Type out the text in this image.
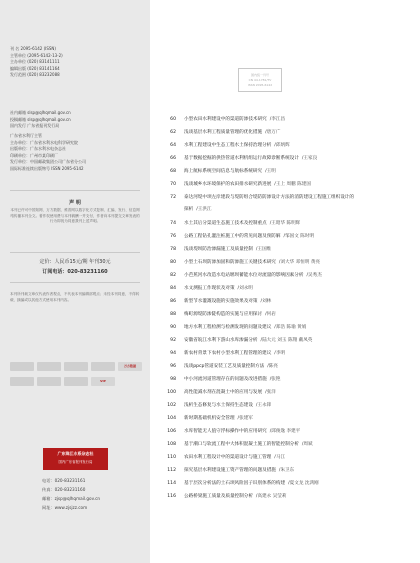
刊 名 2095-6142 (ISSN)
主管单位 (2095-6142-13-2)
主办单位 (020) 83141111
编辑出版 (020) 83141164
发行范围 (020) 83232088
社内邮箱 slsp@qlhqmail.gov.cn
投稿邮箱 slsp@qlhqmail.gov.cn
国内发行 广东省报刊发行局
广东省水利厅主管
主办单位：广东省水利水电科学研究院
出版单位：广东水利水电杂志社
印刷单位：广州市某印刷厂
发行单位：中国邮政集团公司广东省分公司
国际标准连续出版物号 ISSN 2095-6142
声 明
本刊已许可中国知网、万方数据、维普网以数字化方式复制、汇编、发行、信息网络传播本刊全文。著作权使用费与本刊稿酬一并支付，作者向本刊提交文章发表的行为即视为同意我刊上述声明。
定价：人民币15元/期 年刊30元
订阅电话：020-83231160
本刊所刊载文章仅代表作者观点，不代表本刊编辑部观点；未经本刊同意，不得转载、摘编或以其他方式使用本刊内容。
万方数据
VIP
广东珠江水系杂志社
国内广东省报刊发行局
电话：020-83231161
传真：020-83231160
邮箱：zjsp@qlhqmail.gov.cn
网址：www.zjsjzz.com
国内统一刊号
CN 44-1781/TV
ISSN 2095-6142
60 小型农田水利建设中的渠道防渗技术研究 /李江昌
62 浅谈基层水利工程质量管理的优化措施 /唐万广
64 水利工程建设中生态工程水土保持治理分析 /邱炳辉
66 基于数据挖掘的供热管道水利机组运行故障诊断系统设计 /王家良
68 海上航标系统空间信息与航标系统研究 /王明
70 浅谈城乡水环境保护的农田排水研究新进展 /王上 周鹏 陈建国
72 泰达河堤中坝左岸建段与堤防组合堤防防渗设计方法的消防建设工程施工组织设计的
探析 /王洪江
74 水土其后分渠道生态施工技术及控制重点 /王昭华 陈明辉
76 公路工程钻孔灌注桩施工中的常见问题及预防解 /邹国文 陈时明
78 浅谈堤坝防治渗漏施工及质量控制 /王国维
80 小型土石坝防渗加固和防渗施工关键技术研究 /刘大华 邓恒明 黄亮
82 小芭蕉河水改造水电站堰坝蓄能水位对流量的影响因素分析 /吴秀杰
84 水文测报工作现状及对策 /刘永明
86 新型节水灌溉设施的实施效果及对策 /刘林
88 梅町源堤防渗陡构造的实施与应用探讨 /何岩
90 地方水利工程检测与检测发现的问题及建议 /郑浩 陈瑜 黄娟
92 安徽省皖江水利下游山水库渗漏分析 /陆大元 刘玉 陈翔 戴凤英
94 新农村背景下农村小型水利工程管理的建议 /李明
96 浅谈ppcp管道安装工艺及质量控制方法 /陈亮
98 中小河流河道管理存在的问题及改进措施 /张艳
100 高性能减水剂在混凝土中的应用与发展 /张洋
102 浅析生态修复与水土保持生态建设 /王永锋
104 新时期基础机机安全管理 /张建军
106 水库智能无人值守浮标操作中的应用研究 /邱俊逸 李建平
108 基于潮口与软流工程中大体积混凝土施工的智能控制分析 /周斌
110 农田水利工程设计中的渠道设计与施工管理 /马江
112 探究基层水利建设施工资产管理的问题及措施 /朱卫东
114 基于层次分析法的土石坝风险因子识别体系的构建 /夏文龙 沈鸿刚
116 公路桥梁施工质量及质量控制分析 /高建永 吴莹莉
